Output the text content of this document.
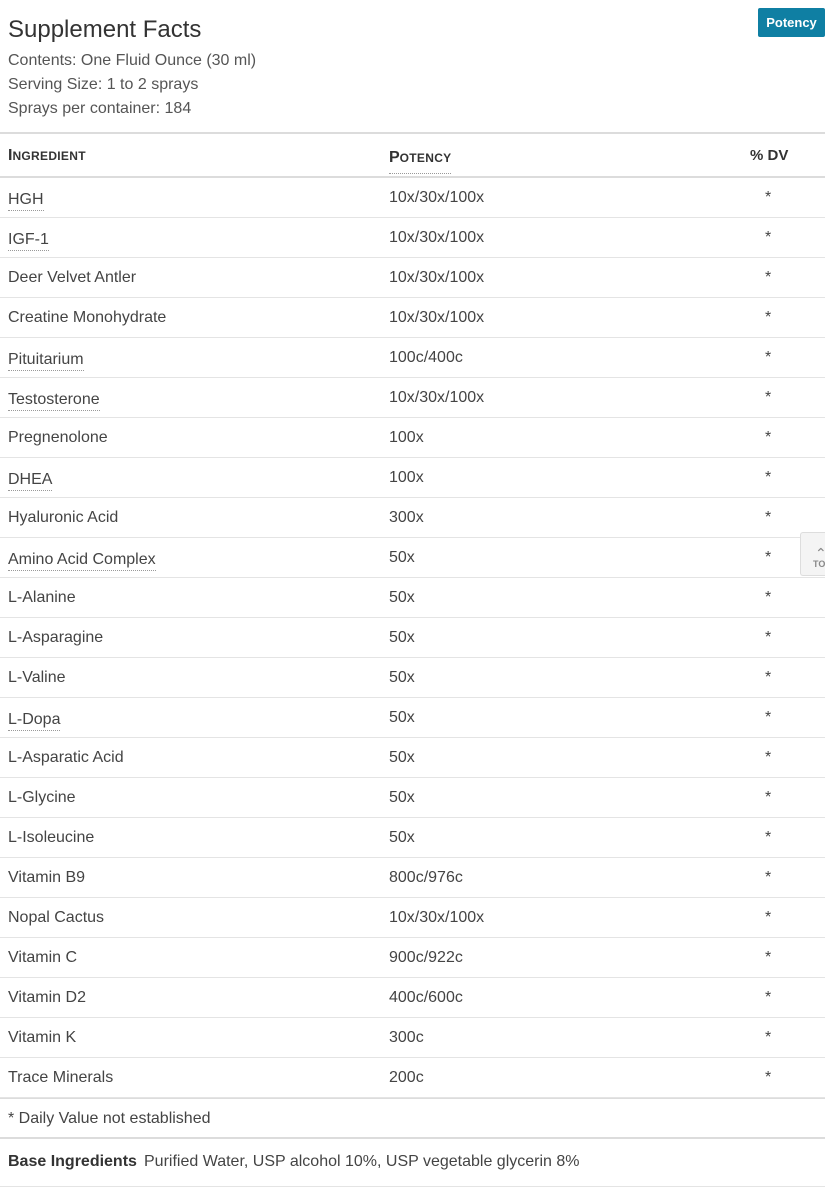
Supplement Facts
Contents: One Fluid Ounce (30 ml)
Serving Size: 1 to 2 sprays
Sprays per container: 184
Potency
INGREDIENT	POTENCY	% DV
HGH	10x/30x/100x	*
IGF-1	10x/30x/100x	*
Deer Velvet Antler	10x/30x/100x	*
Creatine Monohydrate	10x/30x/100x	*
Pituitarium	100c/400c	*
Testosterone	10x/30x/100x	*
Pregnenolone	100x	*
DHEA	100x	*
Hyaluronic Acid	300x	*
Amino Acid Complex	50x	*
L-Alanine	50x	*
L-Asparagine	50x	*
L-Valine	50x	*
L-Dopa	50x	*
L-Asparatic Acid	50x	*
L-Glycine	50x	*
L-Isoleucine	50x	*
Vitamin B9	800c/976c	*
Nopal Cactus	10x/30x/100x	*
Vitamin C	900c/922c	*
Vitamin D2	400c/600c	*
Vitamin K	300c	*
Trace Minerals	200c	*
* Daily Value not established
Base Ingredients Purified Water, USP alcohol 10%, USP vegetable glycerin 8%
⌃
TO
